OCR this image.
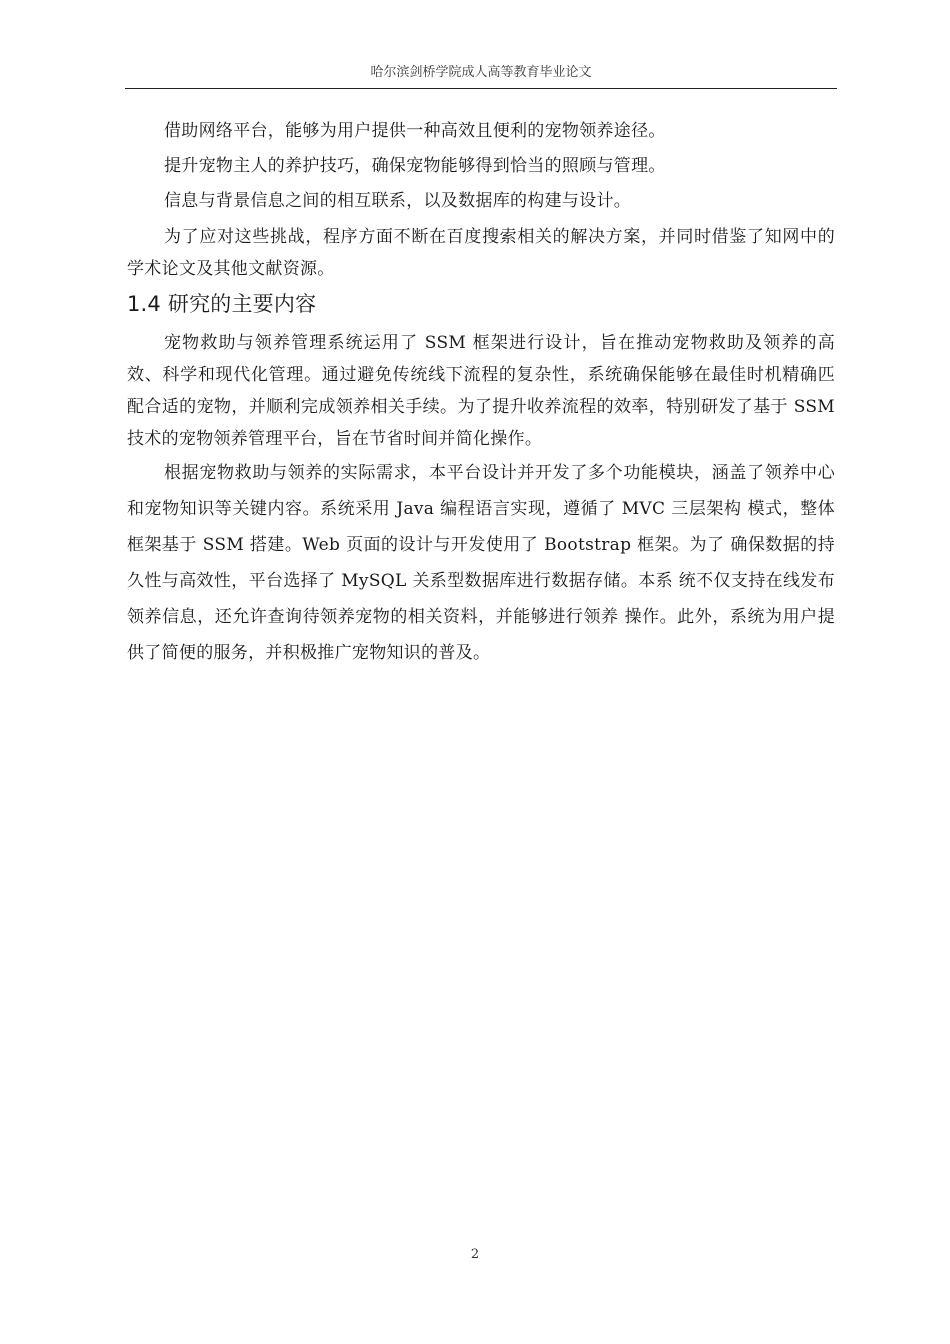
哈尔滨剑桥学院成人高等教育毕业论文

借助网络平台，能够为用户提供一种高效且便利的宠物领养途径。

提升宠物主人的养护技巧，确保宠物能够得到恰当的照顾与管理。

信息与背景信息之间的相互联系，以及数据库的构建与设计。

为了应对这些挑战，程序方面不断在百度搜索相关的解决方案，并同时借鉴了知网中的学术论文及其他文献资源。

1.4 研究的主要内容

宠物救助与领养管理系统运用了 SSM 框架进行设计，旨在推动宠物救助及领养的高效、科学和现代化管理。通过避免传统线下流程的复杂性，系统确保能够在最佳时机精确匹配合适的宠物，并顺利完成领养相关手续。为了提升收养流程的效率，特别研发了基于 SSM 技术的宠物领养管理平台，旨在节省时间并简化操作。

根据宠物救助与领养的实际需求，本平台设计并开发了多个功能模块，涵盖了领养中心和宠物知识等关键内容。系统采用 Java 编程语言实现，遵循了 MVC 三层架构 模式，整体框架基于 SSM 搭建。Web 页面的设计与开发使用了 Bootstrap 框架。为了 确保数据的持久性与高效性，平台选择了 MySQL 关系型数据库进行数据存储。本系 统不仅支持在线发布领养信息，还允许查询待领养宠物的相关资料，并能够进行领养 操作。此外，系统为用户提供了简便的服务，并积极推广宠物知识的普及。

2
